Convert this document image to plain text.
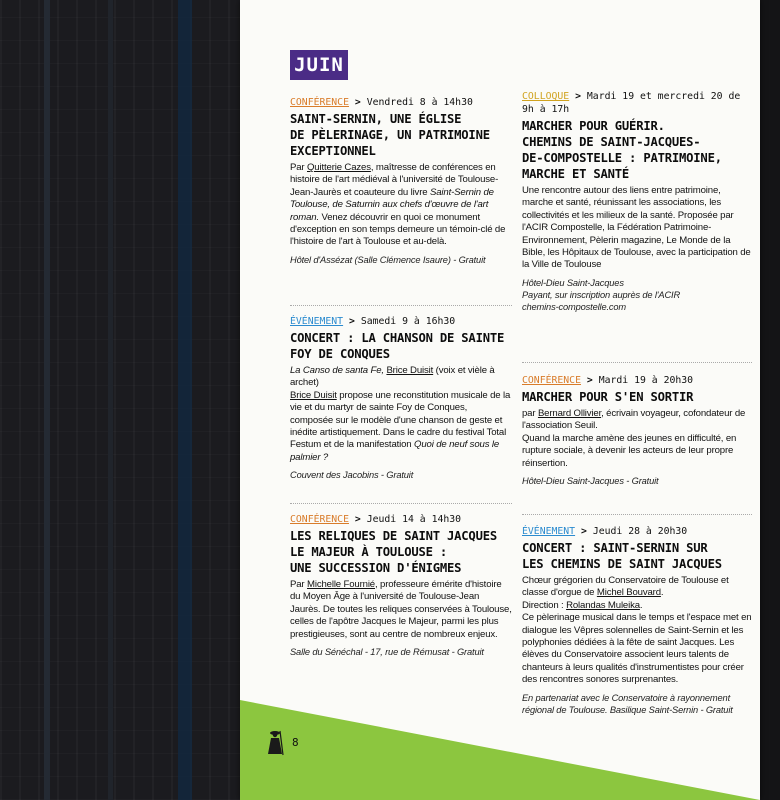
JUIN
CONFÉRENCE > Vendredi 8 à 14h30
SAINT-SERNIN, UNE ÉGLISE
DE PÈLERINAGE, UN PATRIMOINE
EXCEPTIONNEL
Par Quitterie Cazes, maîtresse de conférences en histoire de l'art médiéval à l'université de Toulouse-Jean-Jaurès et coauteure du livre Saint-Sernin de Toulouse, de Saturnin aux chefs d'œuvre de l'art roman. Venez découvrir en quoi ce monument d'exception en son temps demeure un témoin-clé de l'histoire de l'art à Toulouse et au-delà.
Hôtel d'Assézat (Salle Clémence Isaure) - Gratuit
ÉVÉNEMENT > Samedi 9 à 16h30
CONCERT : LA CHANSON DE SAINTE
FOY DE CONQUES
La Canso de santa Fe, Brice Duisit (voix et vièle à archet)
Brice Duisit propose une reconstitution musicale de la vie et du martyr de sainte Foy de Conques, composée sur le modèle d'une chanson de geste et inédite artistiquement. Dans le cadre du festival Total Festum et de la manifestation Quoi de neuf sous le palmier ?
Couvent des Jacobins - Gratuit
CONFÉRENCE > Jeudi 14 à 14h30
LES RELIQUES DE SAINT JACQUES
LE MAJEUR À TOULOUSE :
UNE SUCCESSION D'ÉNIGMES
Par Michelle Fournié, professeure émérite d'histoire du Moyen Âge à l'université de Toulouse-Jean Jaurès. De toutes les reliques conservées à Toulouse, celles de l'apôtre Jacques le Majeur, parmi les plus prestigieuses, sont au centre de nombreux enjeux.
Salle du Sénéchal - 17, rue de Rémusat - Gratuit
COLLOQUE > Mardi 19 et mercredi 20 de 9h à 17h
MARCHER POUR GUÉRIR.
CHEMINS DE SAINT-JACQUES-
DE-COMPOSTELLE : PATRIMOINE,
MARCHE ET SANTÉ
Une rencontre autour des liens entre patrimoine, marche et santé, réunissant les associations, les collectivités et les milieux de la santé. Proposée par l'ACIR Compostelle, la Fédération Patrimoine-Environnement, Pèlerin magazine, Le Monde de la Bible, les Hôpitaux de Toulouse, avec la participation de la Ville de Toulouse
Hôtel-Dieu Saint-Jacques
Payant, sur inscription auprès de l'ACIR
chemins-compostelle.com
CONFÉRENCE > Mardi 19 à 20h30
MARCHER POUR S'EN SORTIR
par Bernard Ollivier, écrivain voyageur, cofondateur de l'association Seuil.
Quand la marche amène des jeunes en difficulté, en rupture sociale, à devenir les acteurs de leur propre réinsertion.
Hôtel-Dieu Saint-Jacques - Gratuit
ÉVÉNEMENT > Jeudi 28 à 20h30
CONCERT : SAINT-SERNIN SUR
LES CHEMINS DE SAINT JACQUES
Chœur grégorien du Conservatoire de Toulouse et classe d'orgue de Michel Bouvard.
Direction : Rolandas Muleika.
Ce pèlerinage musical dans le temps et l'espace met en dialogue les Vêpres solennelles de Saint-Sernin et les polyphonies dédiées à la fête de saint Jacques. Les élèves du Conservatoire associent leurs talents de chanteurs à leurs qualités d'instrumentistes pour créer des rencontres sonores surprenantes.
En partenariat avec le Conservatoire à rayonnement régional de Toulouse. Basilique Saint-Sernin - Gratuit
8
